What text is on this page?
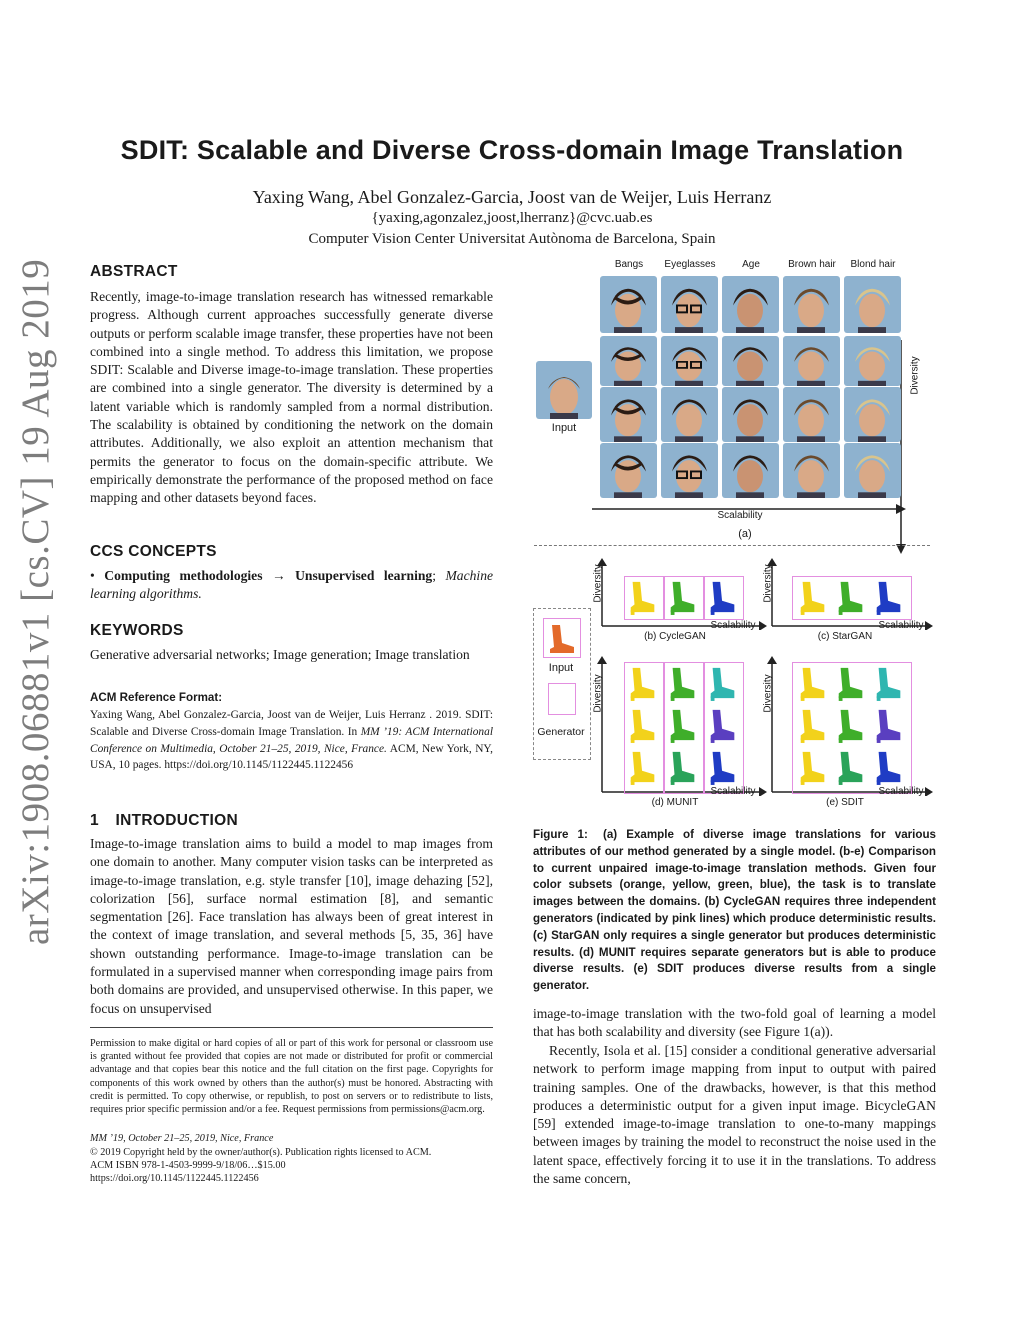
arXiv:1908.06881v1 [cs.CV] 19 Aug 2019
SDIT: Scalable and Diverse Cross-domain Image Translation
Yaxing Wang, Abel Gonzalez-Garcia, Joost van de Weijer, Luis Herranz
{yaxing,agonzalez,joost,lherranz}@cvc.uab.es
Computer Vision Center Universitat Autònoma de Barcelona, Spain
ABSTRACT
Recently, image-to-image translation research has witnessed remarkable progress. Although current approaches successfully generate diverse outputs or perform scalable image transfer, these properties have not been combined into a single method. To address this limitation, we propose SDIT: Scalable and Diverse image-to-image translation. These properties are combined into a single generator. The diversity is determined by a latent variable which is randomly sampled from a normal distribution. The scalability is obtained by conditioning the network on the domain attributes. Additionally, we also exploit an attention mechanism that permits the generator to focus on the domain-specific attribute. We empirically demonstrate the performance of the proposed method on face mapping and other datasets beyond faces.
CCS CONCEPTS
• Computing methodologies → Unsupervised learning; Machine learning algorithms.
KEYWORDS
Generative adversarial networks; Image generation; Image translation
ACM Reference Format:
Yaxing Wang, Abel Gonzalez-Garcia, Joost van de Weijer, Luis Herranz . 2019. SDIT: Scalable and Diverse Cross-domain Image Translation. In MM ’19: ACM International Conference on Multimedia, October 21–25, 2019, Nice, France. ACM, New York, NY, USA, 10 pages. https://doi.org/10.1145/1122445.1122456
1 INTRODUCTION
Image-to-image translation aims to build a model to map images from one domain to another. Many computer vision tasks can be interpreted as image-to-image translation, e.g. style transfer [10], image dehazing [52], colorization [56], surface normal estimation [8], and semantic segmentation [26]. Face translation has always been of great interest in the context of image translation, and several methods [5, 35, 36] have shown outstanding performance. Image-to-image translation can be formulated in a supervised manner when corresponding image pairs from both domains are provided, and unsupervised otherwise. In this paper, we focus on unsupervised
Permission to make digital or hard copies of all or part of this work for personal or classroom use is granted without fee provided that copies are not made or distributed for profit or commercial advantage and that copies bear this notice and the full citation on the first page. Copyrights for components of this work owned by others than the author(s) must be honored. Abstracting with credit is permitted. To copy otherwise, or republish, to post on servers or to redistribute to lists, requires prior specific permission and/or a fee. Request permissions from permissions@acm.org.
MM ’19, October 21–25, 2019, Nice, France
© 2019 Copyright held by the owner/author(s). Publication rights licensed to ACM.
ACM ISBN 978-1-4503-9999-9/18/06…$15.00
https://doi.org/10.1145/1122445.1122456
Input
Diversity
Scalability
(a)
Input
Generator
Bangs	Eyeglasses	Age	Brown hair	Blond hair
Diversity
Scalability
(b) CycleGAN
Diversity
Scalability
(c) StarGAN
Diversity
Scalability
(d) MUNIT
Diversity
Scalability
(e) SDIT
Figure 1: (a) Example of diverse image translations for various attributes of our method generated by a single model. (b-e) Comparison to current unpaired image-to-image translation methods. Given four color subsets (orange, yellow, green, blue), the task is to translate images between the domains. (b) CycleGAN requires three independent generators (indicated by pink lines) which produce deterministic results. (c) StarGAN only requires a single generator but produces deterministic results. (d) MUNIT requires separate generators but is able to produce diverse results. (e) SDIT produces diverse results from a single generator.
image-to-image translation with the two-fold goal of learning a model that has both scalability and diversity (see Figure 1(a)).
Recently, Isola et al. [15] consider a conditional generative adversarial network to perform image mapping from input to output with paired training samples. One of the drawbacks, however, is that this method produces a deterministic output for a given input image. BicycleGAN [59] extended image-to-image translation to one-to-many mappings between images by training the model to reconstruct the noise used in the latent space, effectively forcing it to use it in the translations. To address the same concern,
